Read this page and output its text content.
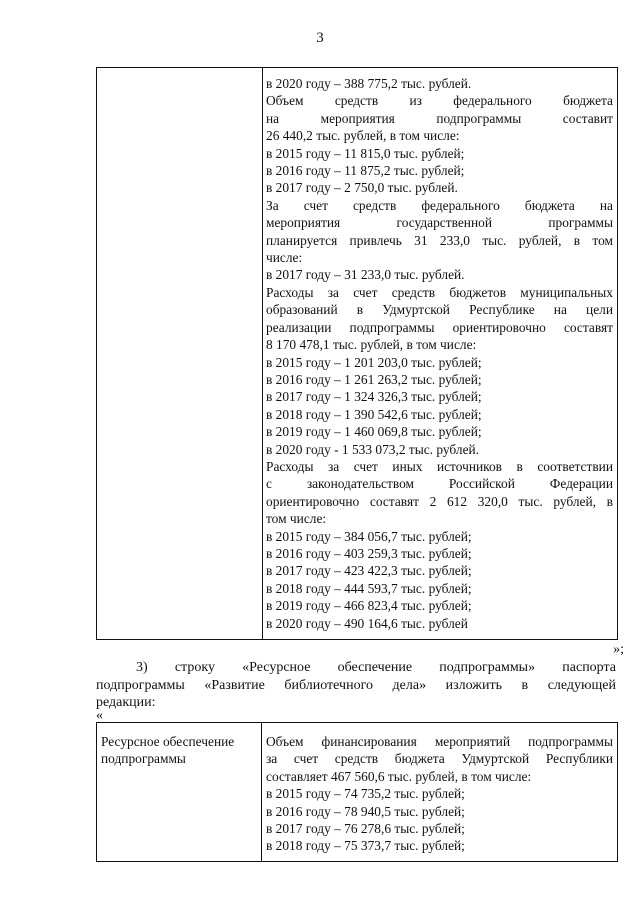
3
в 2020 году – 388 775,2 тыс. рублей.
Объем средств из федерального бюджета
на мероприятия подпрограммы составит
26 440,2 тыс. рублей, в том числе:
в 2015 году – 11 815,0 тыс. рублей;
в 2016 году – 11 875,2 тыс. рублей;
в 2017 году – 2 750,0 тыс. рублей.
За счет средств федерального бюджета на
мероприятия государственной программы
планируется привлечь 31 233,0 тыс. рублей, в том
числе:
в 2017 году – 31 233,0 тыс. рублей.
Расходы за счет средств бюджетов муниципальных
образований в Удмуртской Республике на цели
реализации подпрограммы ориентировочно составят
8 170 478,1 тыс. рублей, в том числе:
в 2015 году – 1 201 203,0 тыс. рублей;
в 2016 году – 1 261 263,2 тыс. рублей;
в 2017 году – 1 324 326,3 тыс. рублей;
в 2018 году – 1 390 542,6 тыс. рублей;
в 2019 году – 1 460 069,8 тыс. рублей;
в 2020 году - 1 533 073,2 тыс. рублей.
Расходы за счет иных источников в соответствии
с законодательством Российской Федерации
ориентировочно составят 2 612 320,0 тыс. рублей, в
том числе:
в 2015 году – 384 056,7 тыс. рублей;
в 2016 году – 403 259,3 тыс. рублей;
в 2017 году – 423 422,3 тыс. рублей;
в 2018 году – 444 593,7 тыс. рублей;
в 2019 году – 466 823,4 тыс. рублей;
в 2020 году – 490 164,6 тыс. рублей
»;
3) строку «Ресурсное обеспечение подпрограммы» паспорта
подпрограммы «Развитие библиотечного дела» изложить в следующей
редакции:
«
Ресурсное обеспечение
подпрограммы
Объем финансирования мероприятий подпрограммы
за счет средств бюджета Удмуртской Республики
составляет 467 560,6 тыс. рублей, в том числе:
в 2015 году – 74 735,2 тыс. рублей;
в 2016 году – 78 940,5 тыс. рублей;
в 2017 году – 76 278,6 тыс. рублей;
в 2018 году – 75 373,7 тыс. рублей;
